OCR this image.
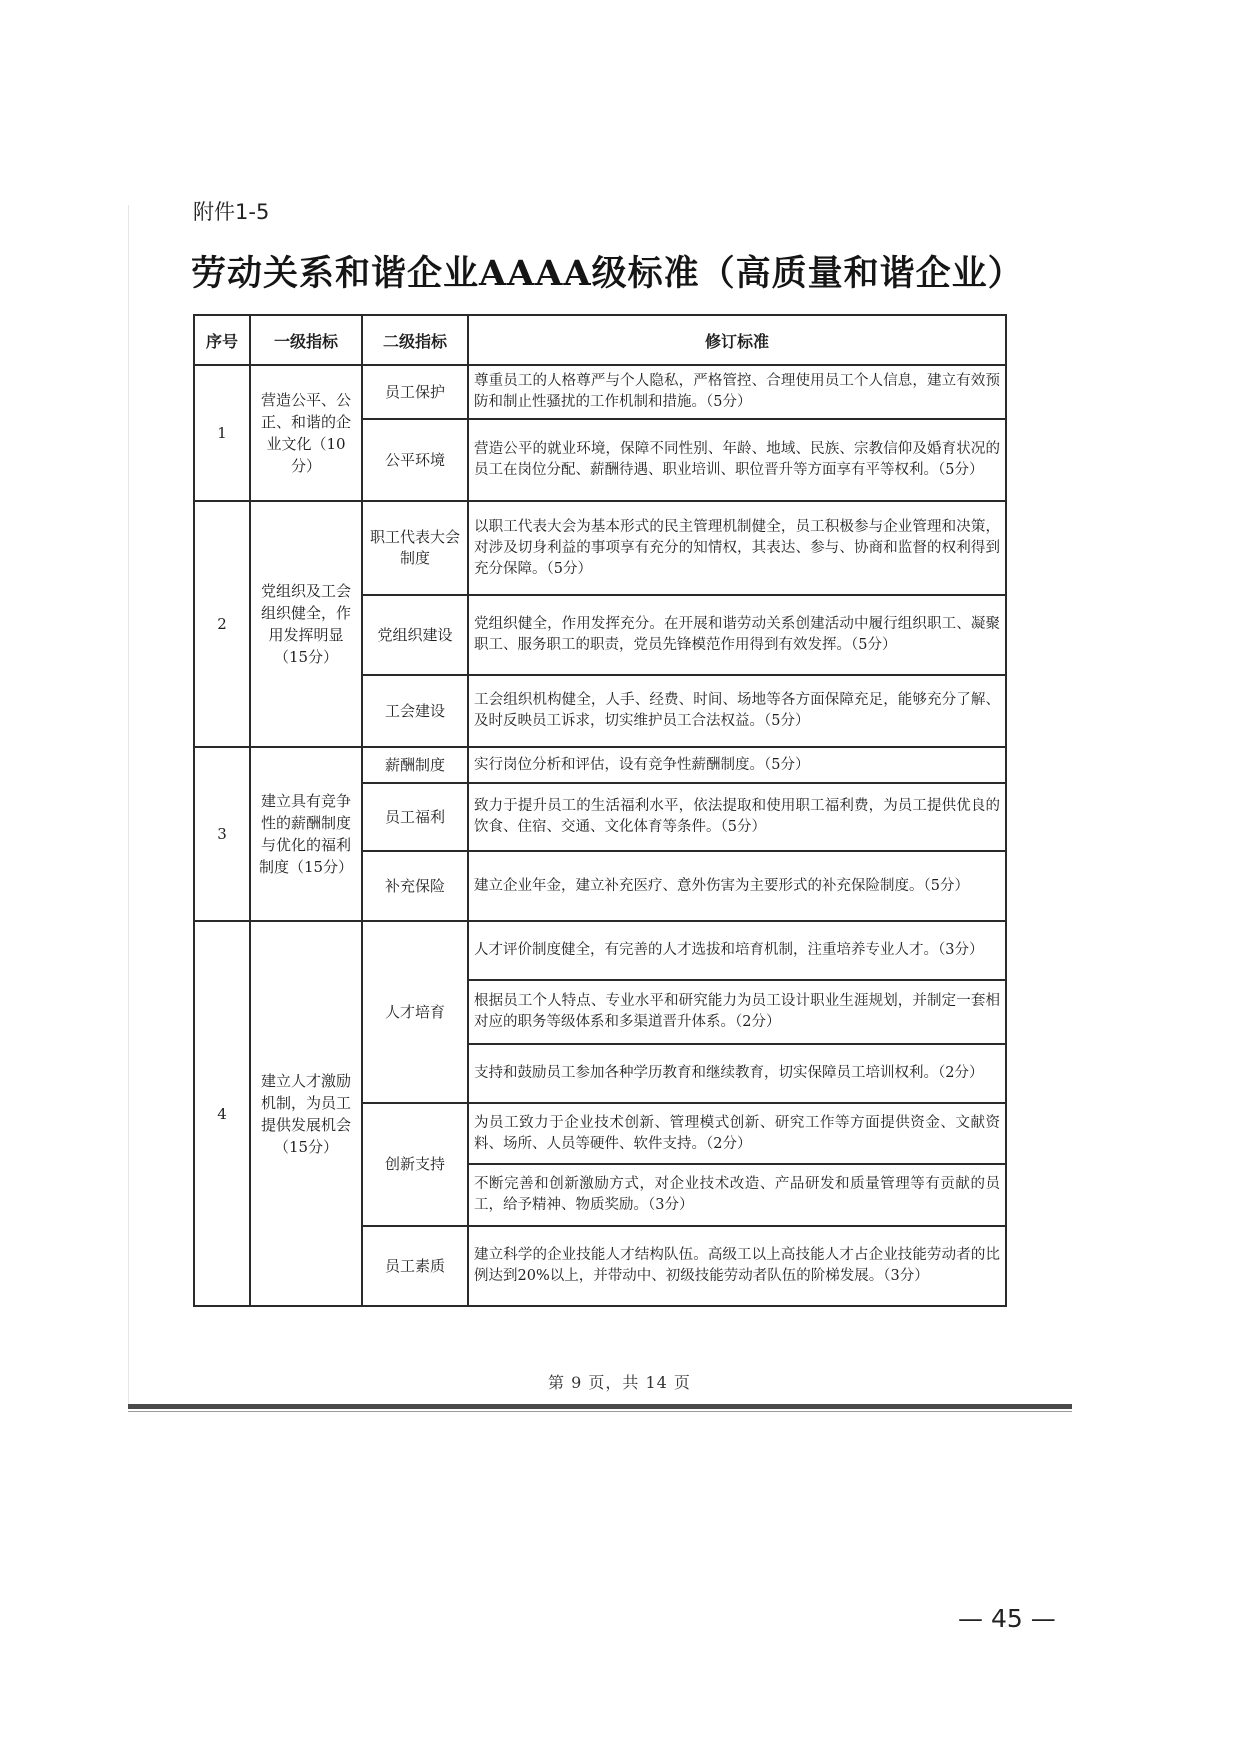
附件1-5
劳动关系和谐企业AAAA级标准（高质量和谐企业）
序号	一级指标	二级指标	修订标准
1	营造公平、公正、和谐的企业文化（10分）	员工保护	尊重员工的人格尊严与个人隐私，严格管控、合理使用员工个人信息，建立有效预防和制止性骚扰的工作机制和措施。（5分）
		公平环境	营造公平的就业环境，保障不同性别、年龄、地域、民族、宗教信仰及婚育状况的员工在岗位分配、薪酬待遇、职业培训、职位晋升等方面享有平等权利。（5分）
2	党组织及工会组织健全，作用发挥明显（15分）	职工代表大会制度	以职工代表大会为基本形式的民主管理机制健全，员工积极参与企业管理和决策，对涉及切身利益的事项享有充分的知情权，其表达、参与、协商和监督的权利得到充分保障。（5分）
		党组织建设	党组织健全，作用发挥充分。在开展和谐劳动关系创建活动中履行组织职工、凝聚职工、服务职工的职责，党员先锋模范作用得到有效发挥。（5分）
		工会建设	工会组织机构健全，人手、经费、时间、场地等各方面保障充足，能够充分了解、及时反映员工诉求，切实维护员工合法权益。（5分）
3	建立具有竞争性的薪酬制度与优化的福利制度（15分）	薪酬制度	实行岗位分析和评估，设有竞争性薪酬制度。（5分）
		员工福利	致力于提升员工的生活福利水平，依法提取和使用职工福利费，为员工提供优良的饮食、住宿、交通、文化体育等条件。（5分）
		补充保险	建立企业年金，建立补充医疗、意外伤害为主要形式的补充保险制度。（5分）
4	建立人才激励机制，为员工提供发展机会（15分）	人才培育	人才评价制度健全，有完善的人才选拔和培育机制，注重培养专业人才。（3分）
			根据员工个人特点、专业水平和研究能力为员工设计职业生涯规划，并制定一套相对应的职务等级体系和多渠道晋升体系。（2分）
			支持和鼓励员工参加各种学历教育和继续教育，切实保障员工培训权利。（2分）
		创新支持	为员工致力于企业技术创新、管理模式创新、研究工作等方面提供资金、文献资料、场所、人员等硬件、软件支持。（2分）
			不断完善和创新激励方式，对企业技术改造、产品研发和质量管理等有贡献的员工，给予精神、物质奖励。（3分）
		员工素质	建立科学的企业技能人才结构队伍。高级工以上高技能人才占企业技能劳动者的比例达到20%以上，并带动中、初级技能劳动者队伍的阶梯发展。（3分）
第 9 页，共 14 页
— 45 —
